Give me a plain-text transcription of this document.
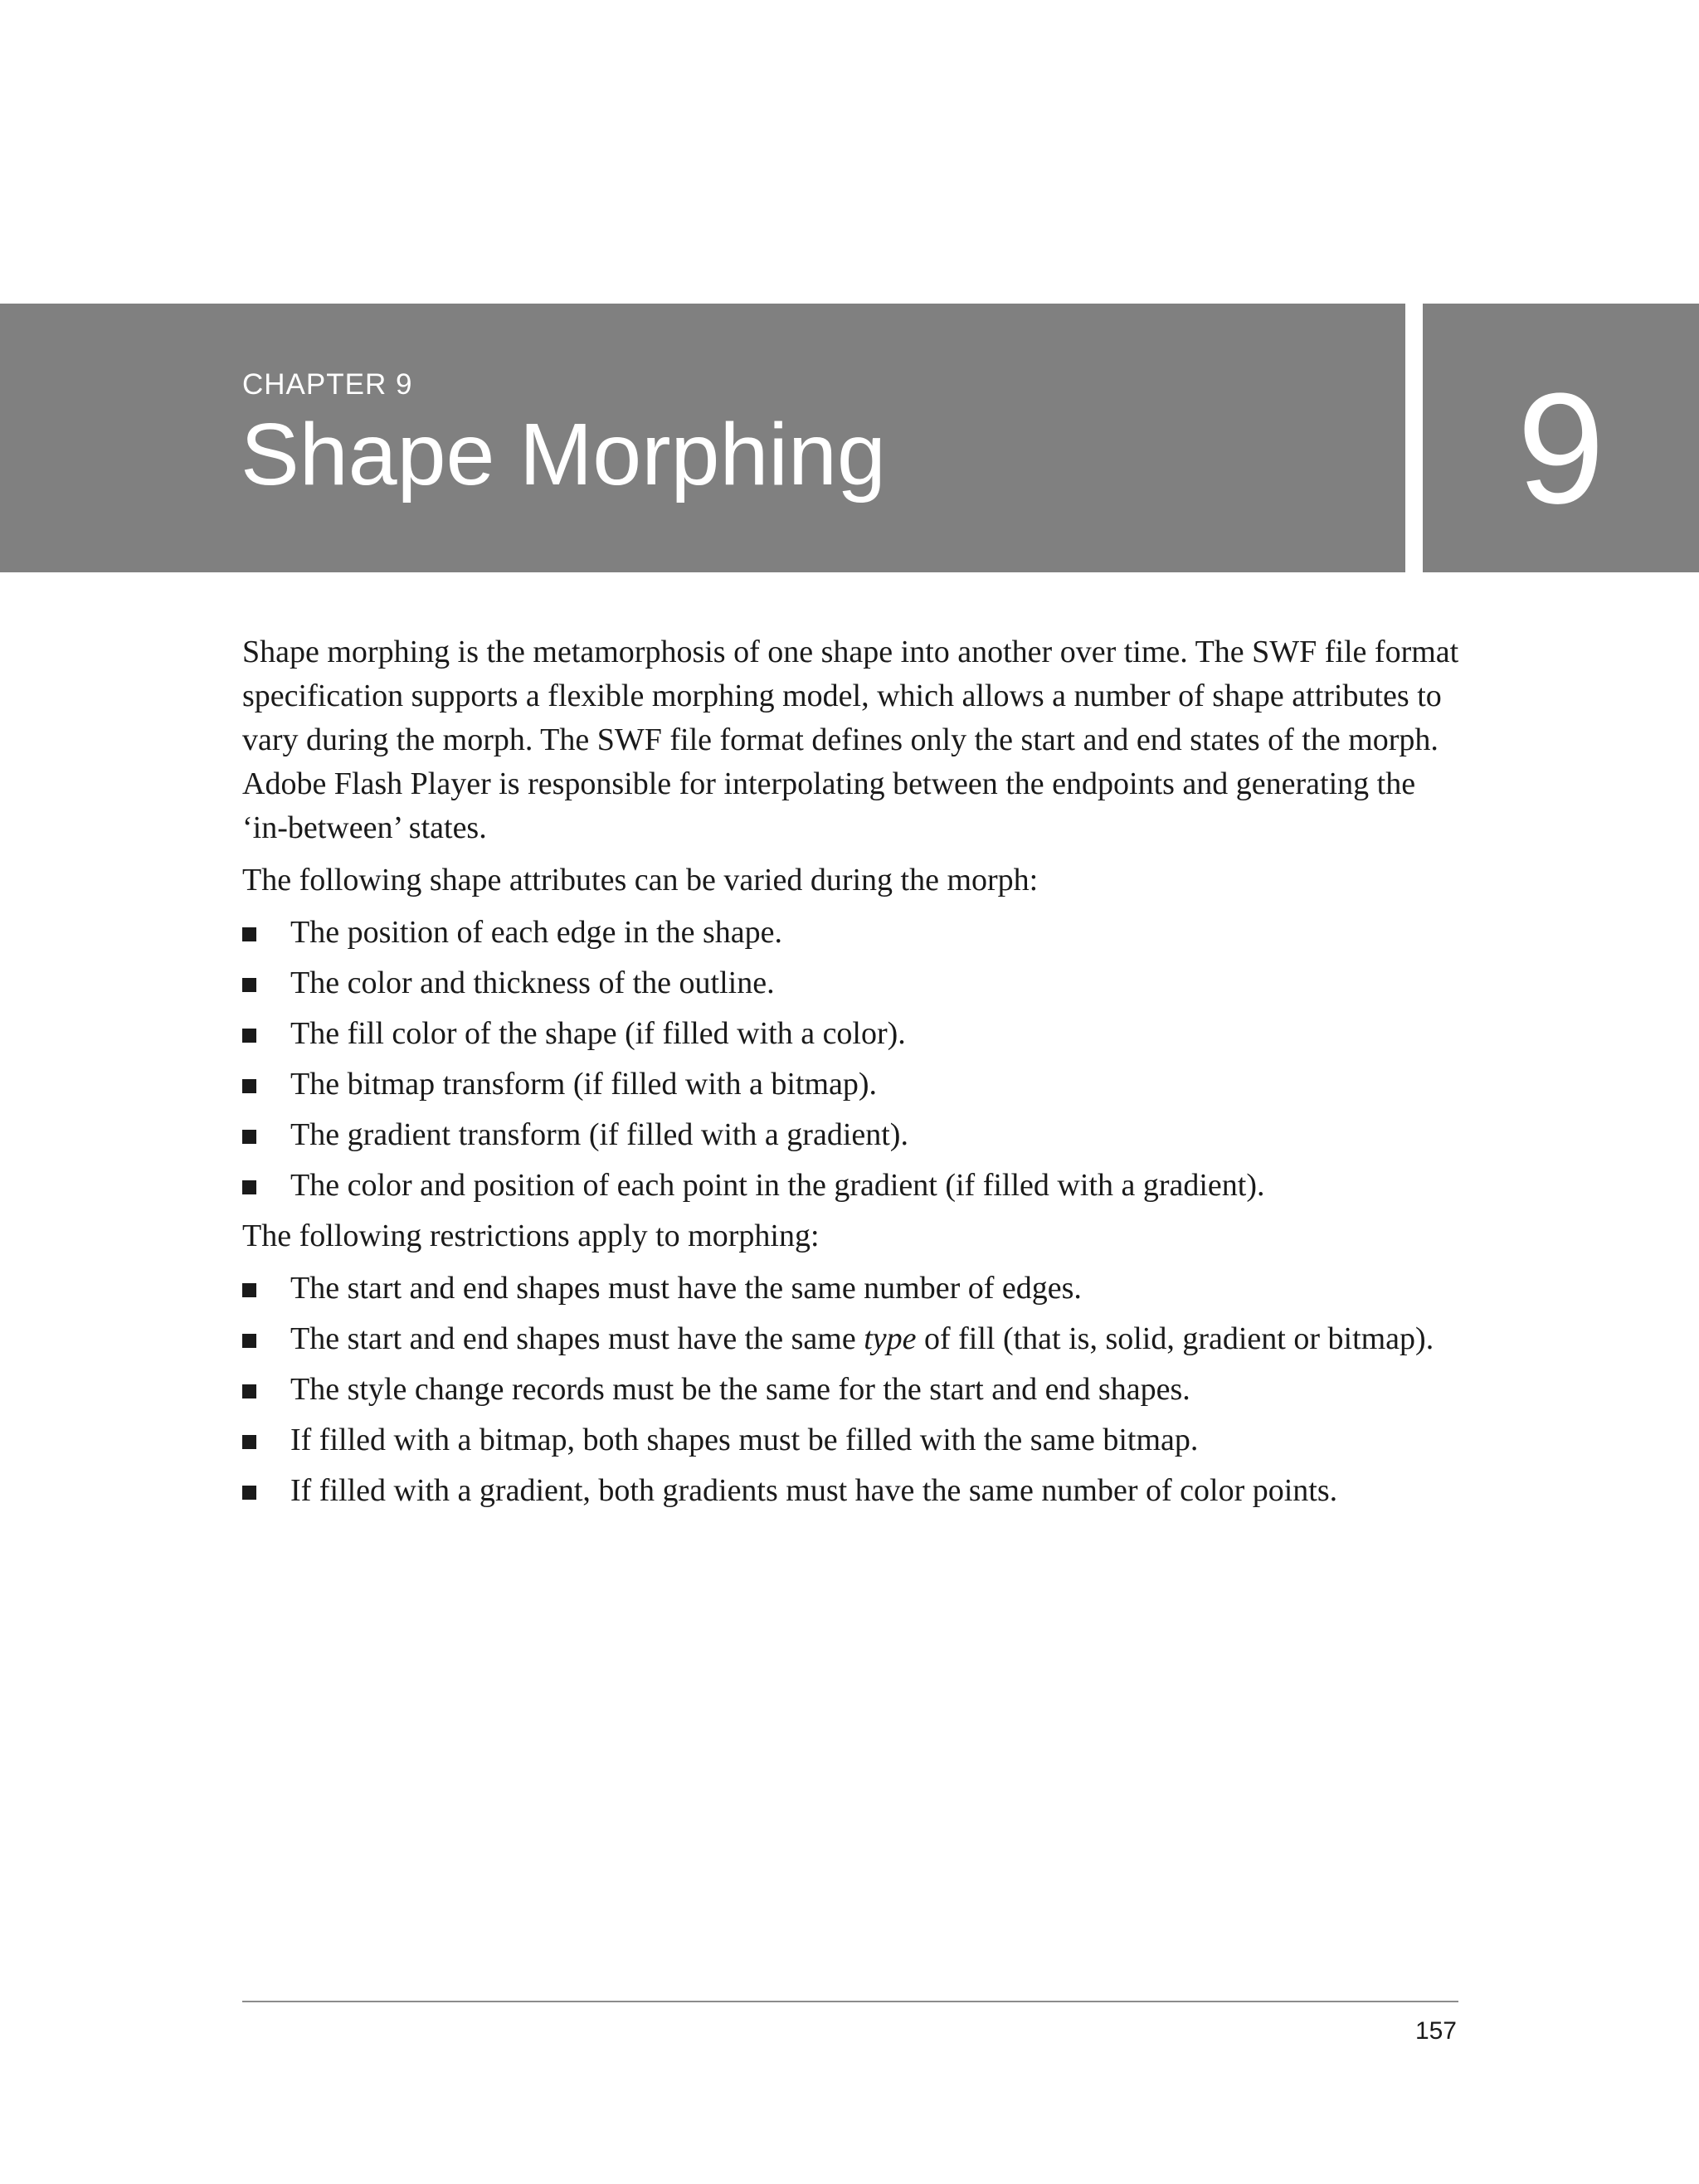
CHAPTER 9
Shape Morphing	9

Shape morphing is the metamorphosis of one shape into another over time. The SWF file format specification supports a flexible morphing model, which allows a number of shape attributes to vary during the morph. The SWF file format defines only the start and end states of the morph. Adobe Flash Player is responsible for interpolating between the endpoints and generating the ‘in-between’ states.

The following shape attributes can be varied during the morph:

The position of each edge in the shape.
The color and thickness of the outline.
The fill color of the shape (if filled with a color).
The bitmap transform (if filled with a bitmap).
The gradient transform (if filled with a gradient).
The color and position of each point in the gradient (if filled with a gradient).

The following restrictions apply to morphing:

The start and end shapes must have the same number of edges.
The start and end shapes must have the same type of fill (that is, solid, gradient or bitmap).
The style change records must be the same for the start and end shapes.
If filled with a bitmap, both shapes must be filled with the same bitmap.
If filled with a gradient, both gradients must have the same number of color points.
157
